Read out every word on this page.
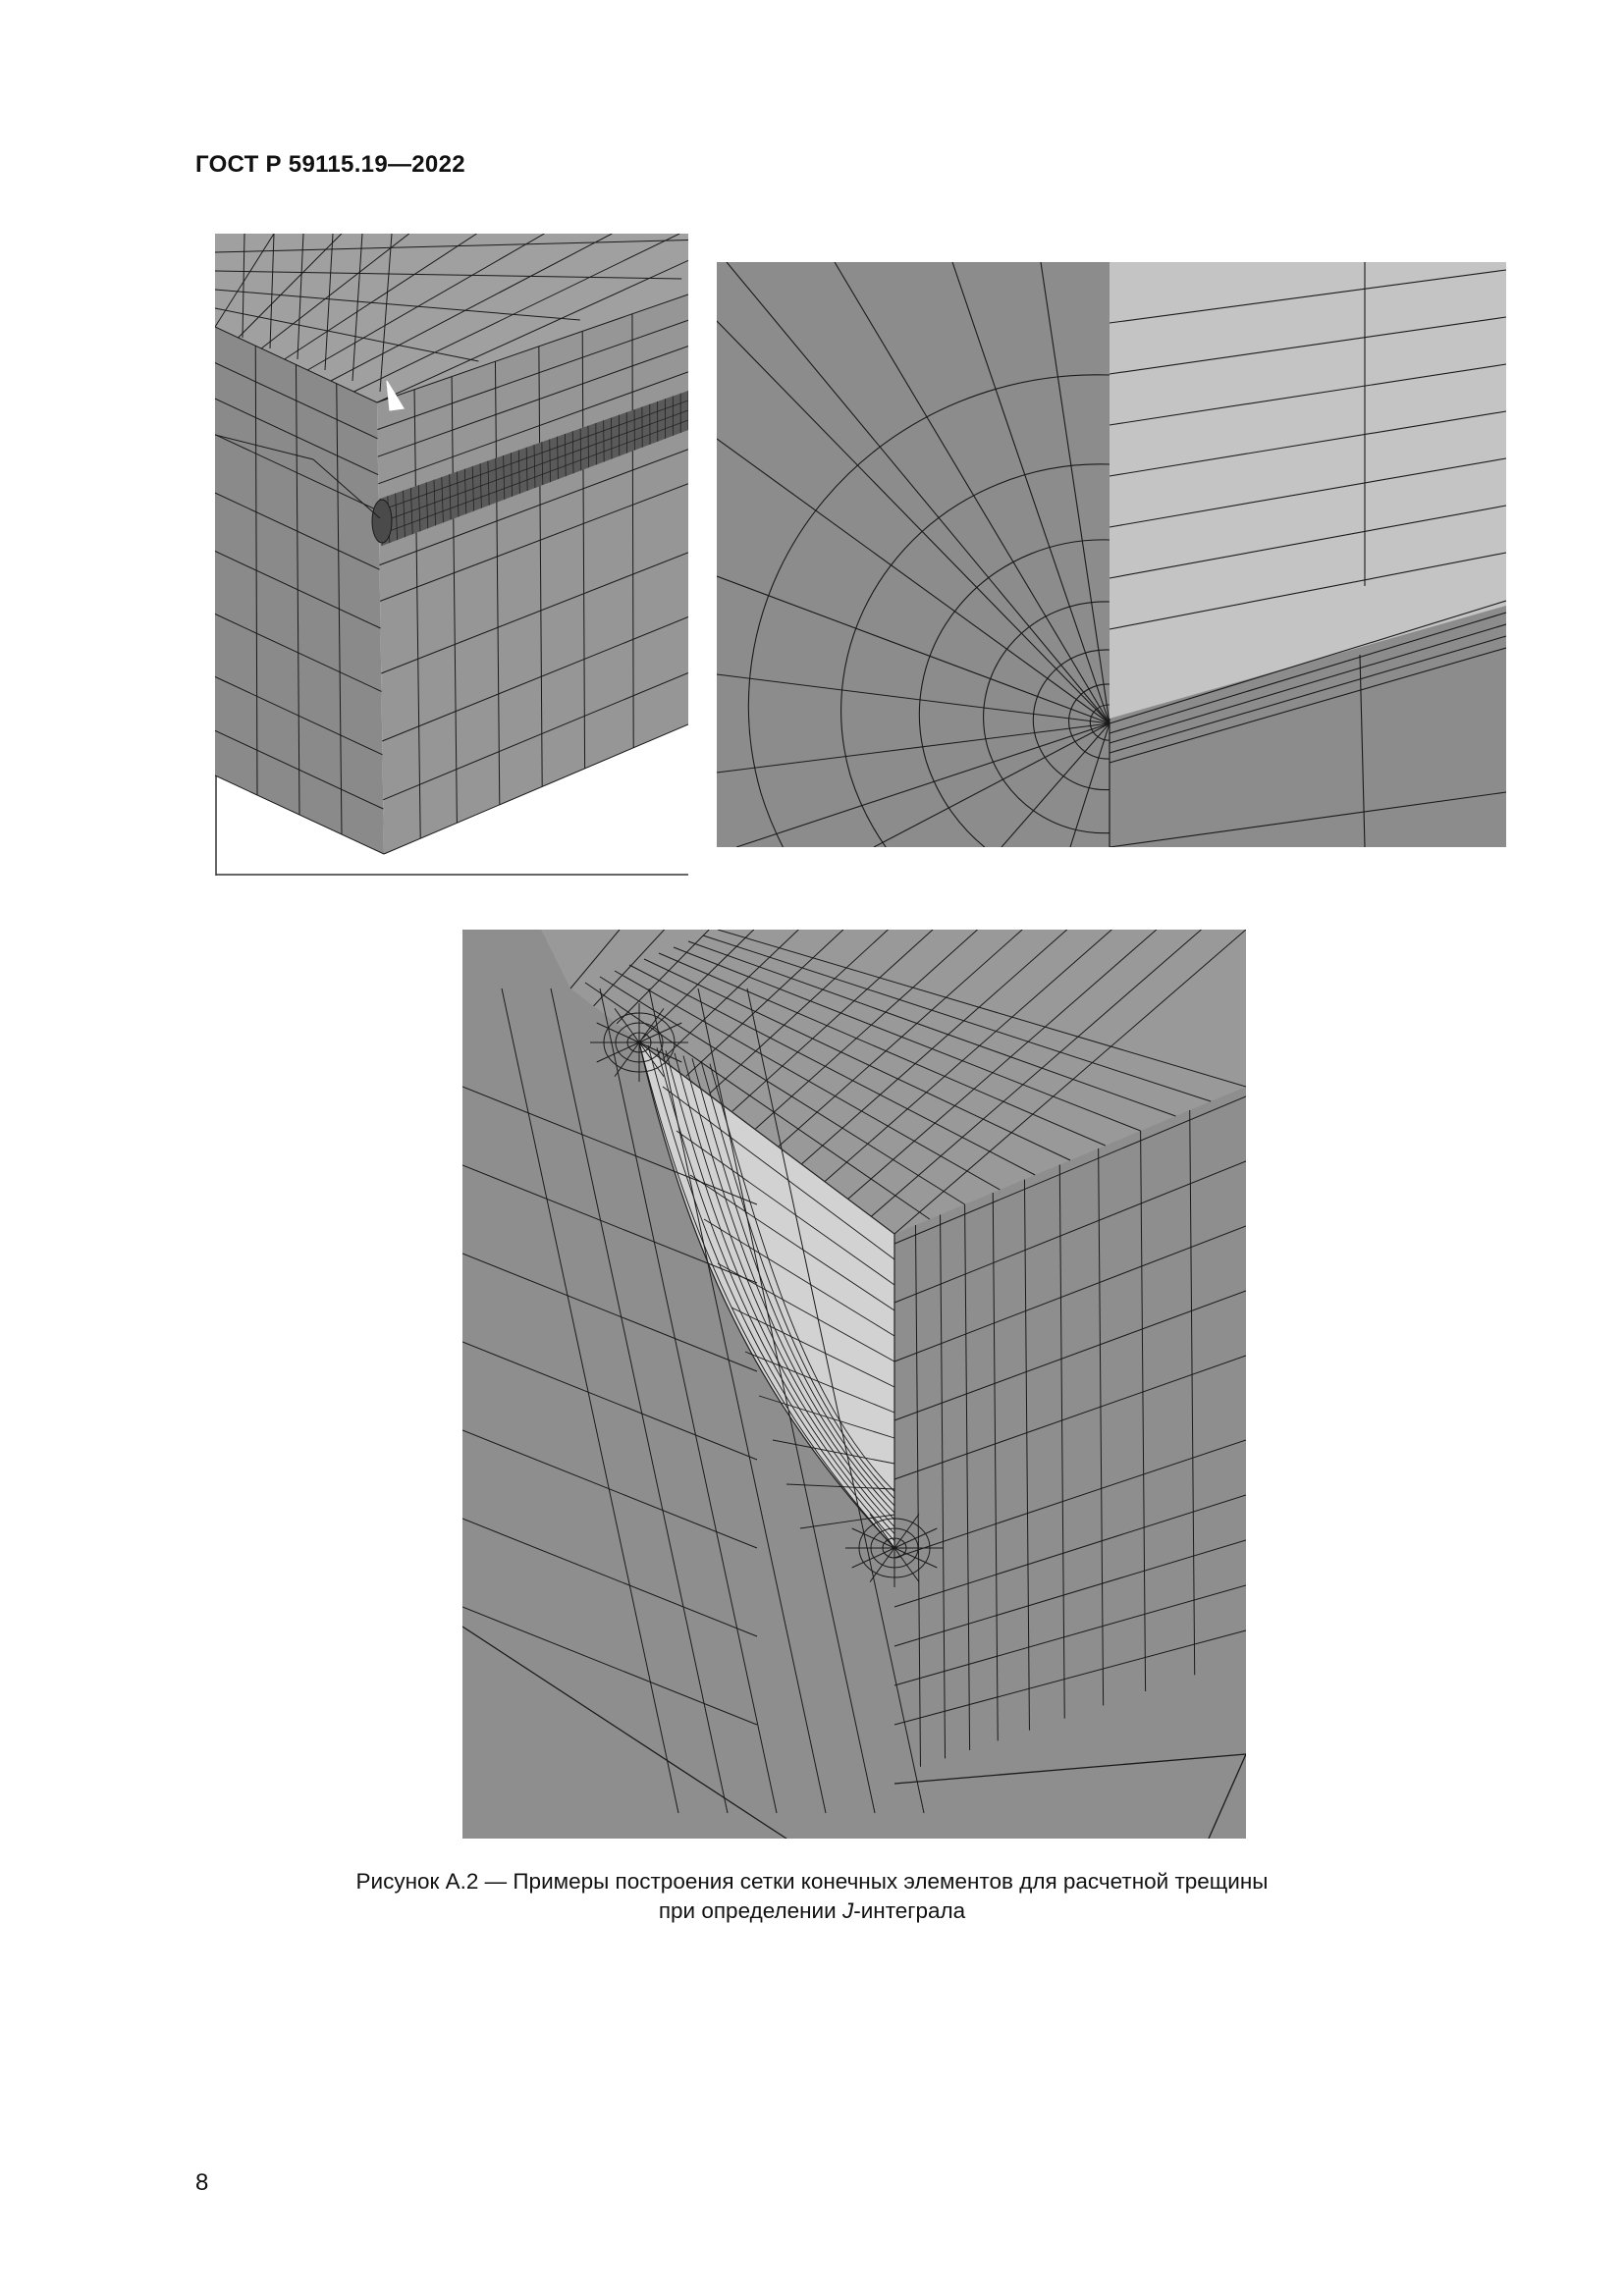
ГОСТ Р 59115.19—2022
Рисунок А.2 — Примеры построения сетки конечных элементов для расчетной трещины
при определении J-интеграла
8
